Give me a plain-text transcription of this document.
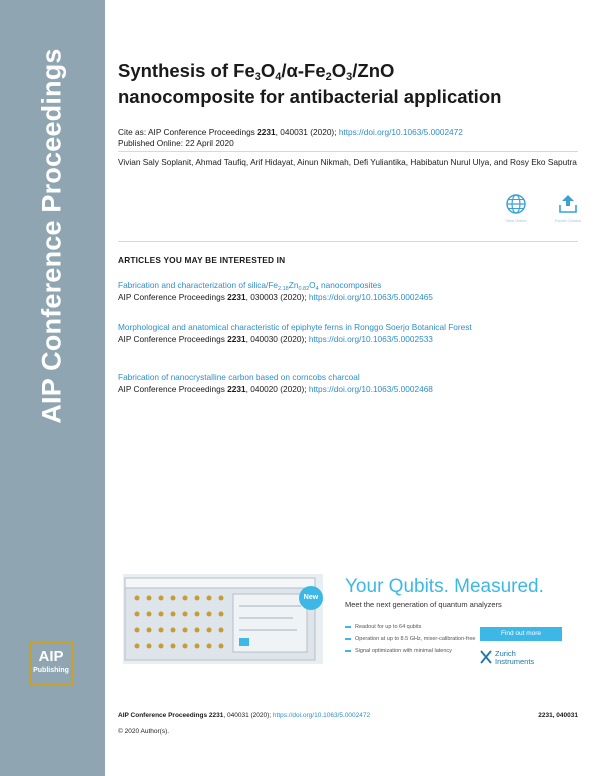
AIP Conference Proceedings
AIP
Publishing
Synthesis of $Fe_3O_4/\alpha-Fe_2O_3$/ZnO
nanocomposite for antibacterial application
Cite as: AIP Conference Proceedings 2231, 040031 (2020); https://doi.org/10.1063/5.0002472
Published Online: 22 April 2020
Vivian Saly Soplanit, Ahmad Taufiq, Arif Hidayat, Ainun Nikmah, Defi Yuliantika, Habibatun Nurul Ulya, and Rosy Eko Saputra
View Online	Export Citation
ARTICLES YOU MAY BE INTERESTED IN
Fabrication and characterization of silica/$Fe_{2.18}Zn_{0.82}O_4$ nanocomposites
AIP Conference Proceedings 2231, 030003 (2020); https://doi.org/10.1063/5.0002465
Morphological and anatomical characteristic of epiphyte ferns in Ronggo Soerjo Botanical Forest
AIP Conference Proceedings 2231, 040030 (2020); https://doi.org/10.1063/5.0002533
Fabrication of nanocrystalline carbon based on corncobs charcoal
AIP Conference Proceedings 2231, 040020 (2020); https://doi.org/10.1063/5.0002468
New
Your Qubits. Measured.
Meet the next generation of quantum analyzers
Readout for up to 64 qubits
Operation at up to 8.5 GHz, mixer-calibration-free
Signal optimization with minimal latency
Find out more
Zurich
Instruments
AIP Conference Proceedings 2231, 040031 (2020); https://doi.org/10.1063/5.0002472	2231, 040031
© 2020 Author(s).
